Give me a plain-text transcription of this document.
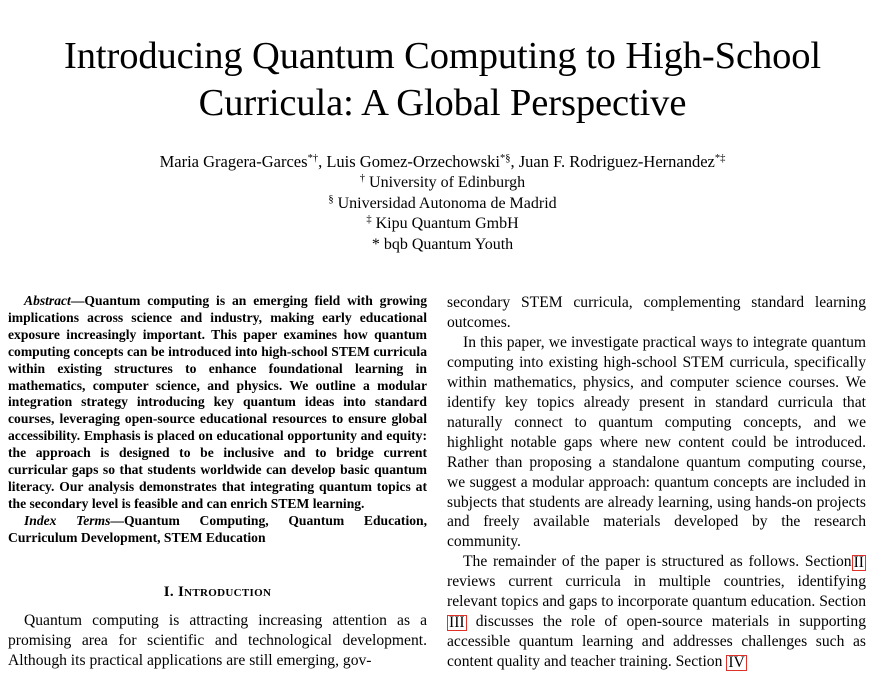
Introducing Quantum Computing to High-School
Curricula: A Global Perspective
Maria Gragera-Garces*†, Luis Gomez-Orzechowski*§, Juan F. Rodriguez-Hernandez*‡
† University of Edinburgh
§ Universidad Autonoma de Madrid
‡ Kipu Quantum GmbH
* bqb Quantum Youth

Abstract—Quantum computing is an emerging field with growing implications across science and industry, making early educational exposure increasingly important. This paper examines how quantum computing concepts can be introduced into high-school STEM curricula within existing structures to enhance foundational learning in mathematics, computer science, and physics. We outline a modular integration strategy introducing key quantum ideas into standard courses, leveraging open-source educational resources to ensure global accessibility. Emphasis is placed on educational opportunity and equity: the approach is designed to be inclusive and to bridge current curricular gaps so that students worldwide can develop basic quantum literacy. Our analysis demonstrates that integrating quantum topics at the secondary level is feasible and can enrich STEM learning.

Index Terms—Quantum Computing, Quantum Education, Curriculum Development, STEM Education

I. Introduction

Quantum computing is attracting increasing attention as a promising area for scientific and technological development. Although its practical applications are still emerging, gov-

secondary STEM curricula, complementing standard learning outcomes.

In this paper, we investigate practical ways to integrate quantum computing into existing high-school STEM curricula, specifically within mathematics, physics, and computer science courses. We identify key topics already present in standard curricula that naturally connect to quantum computing concepts, and we highlight notable gaps where new content could be introduced. Rather than proposing a standalone quantum computing course, we suggest a modular approach: quantum concepts are included in subjects that students are already learning, using hands-on projects and freely available materials developed by the research community.

The remainder of the paper is structured as follows. Section II reviews current curricula in multiple countries, identifying relevant topics and gaps to incorporate quantum education. Section III discusses the role of open-source materials in supporting accessible quantum learning and addresses challenges such as content quality and teacher training. Section IV
